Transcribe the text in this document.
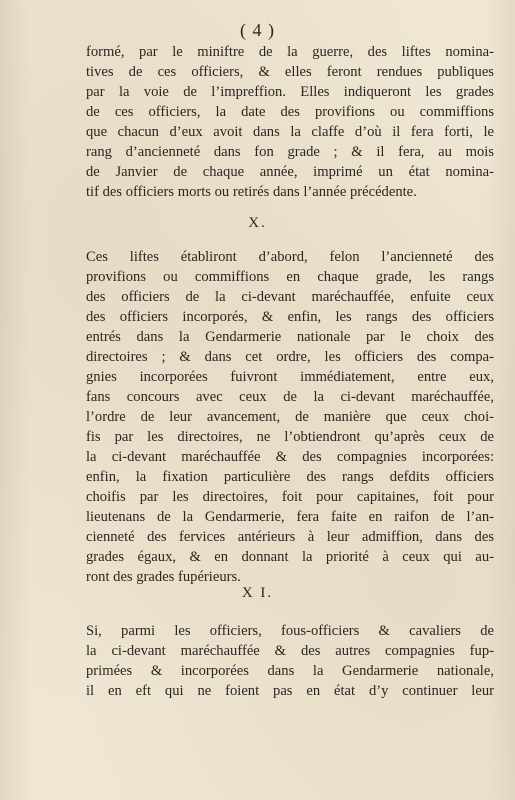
( 4 )
formé, par le miniftre de la guerre, des liftes nomina-
tives de ces officiers, & elles feront rendues publiques
par la voie de l’impreffion. Elles indiqueront les grades
de ces officiers, la date des provifions ou commiffions
que chacun d’eux avoit dans la claffe d’où il fera forti, le
rang d’ancienneté dans fon grade ; & il fera, au mois
de Janvier de chaque année, imprimé un état nomina-
tif des officiers morts ou retirés dans l’année précédente.
X.
Ces liftes établiront d’abord, felon l’ancienneté des
provifions ou commiffions en chaque grade, les rangs
des officiers de la ci-devant maréchauffée, enfuite ceux
des officiers incorporés, & enfin, les rangs des officiers
entrés dans la Gendarmerie nationale par le choix des
directoires ; & dans cet ordre, les officiers des compa-
gnies incorporées fuivront immédiatement, entre eux,
fans concours avec ceux de la ci-devant maréchauffée,
l’ordre de leur avancement, de manière que ceux choi-
fis par les directoires, ne l’obtiendront qu’après ceux de
la ci-devant maréchauffée & des compagnies incorporées:
enfin, la fixation particulière des rangs defdits officiers
choifis par les directoires, foit pour capitaines, foit pour
lieutenans de la Gendarmerie, fera faite en raifon de l’an-
cienneté des fervices antérieurs à leur admiffion, dans des
grades égaux, & en donnant la priorité à ceux qui au-
ront des grades fupérieurs.
X I.
Si, parmi les officiers, fous-officiers & cavaliers de
la ci-devant maréchauffée & des autres compagnies fup-
primées & incorporées dans la Gendarmerie nationale,
il en eft qui ne foient pas en état d’y continuer leur
